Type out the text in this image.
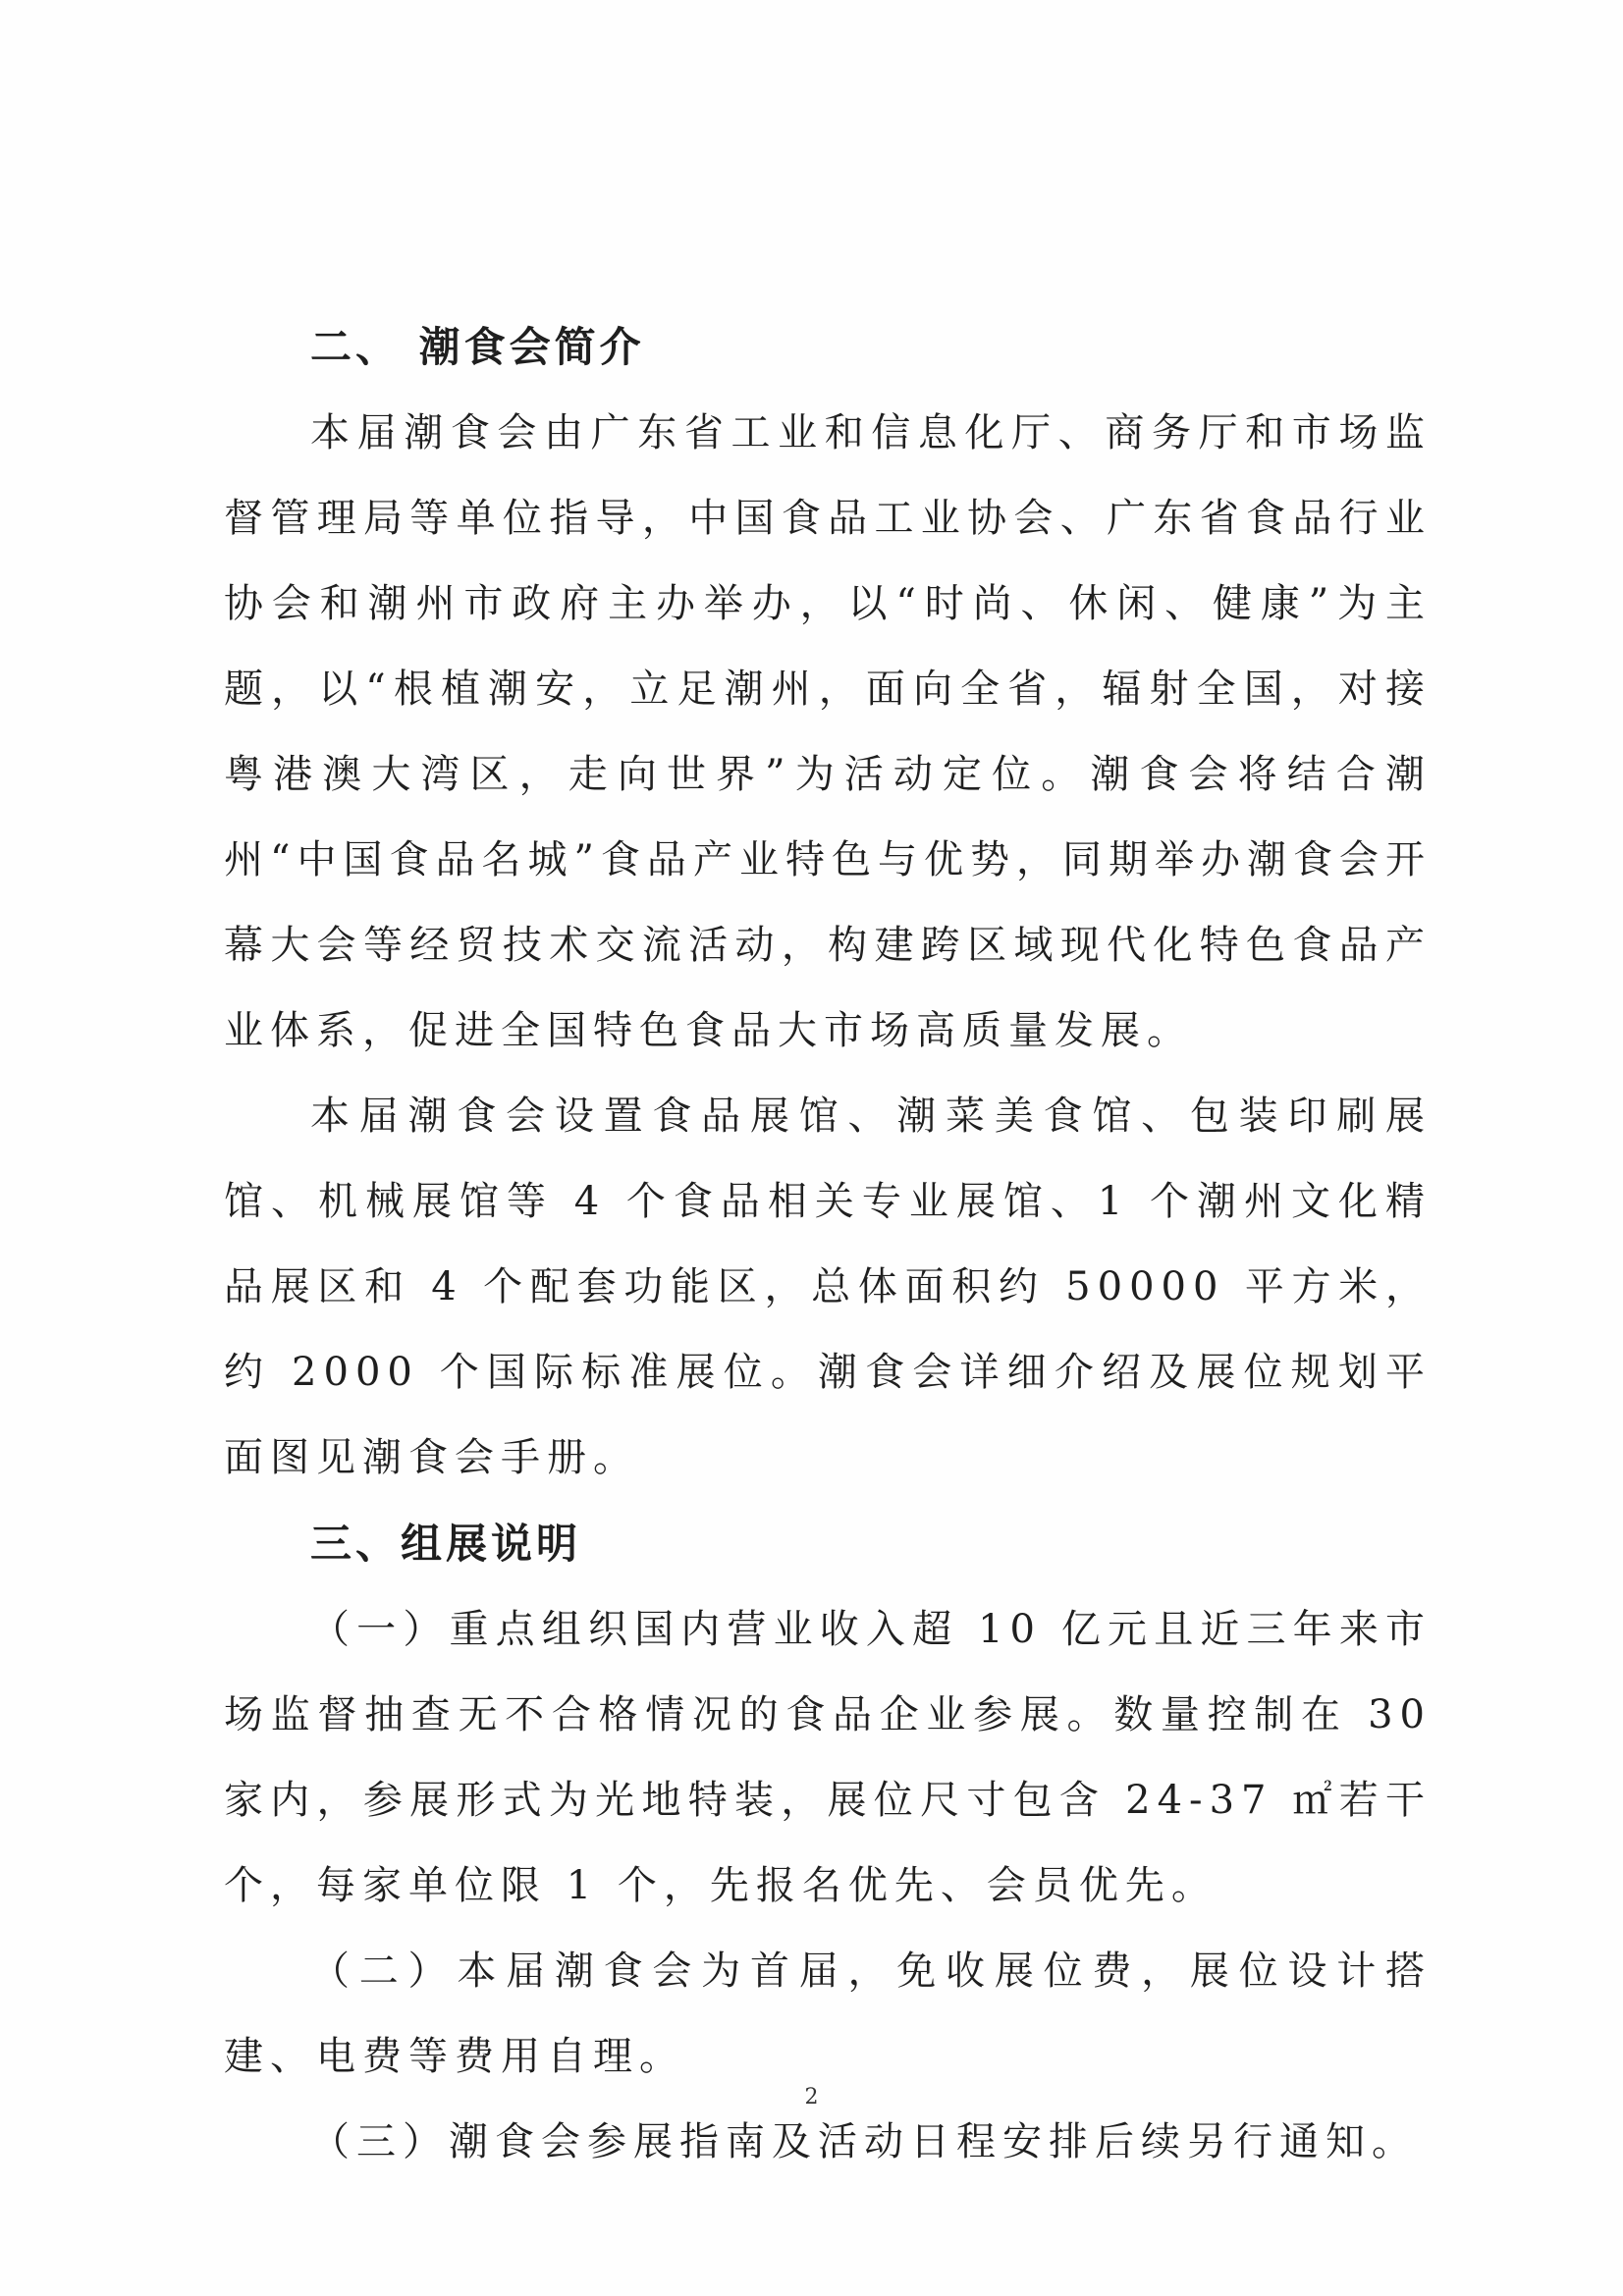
二、 潮食会简介

本届潮食会由广东省工业和信息化厅、商务厅和市场监督管理局等单位指导，中国食品工业协会、广东省食品行业协会和潮州市政府主办举办，以“时尚、休闲、健康”为主题，以“根植潮安，立足潮州，面向全省，辐射全国，对接粤港澳大湾区，走向世界”为活动定位。潮食会将结合潮州“中国食品名城”食品产业特色与优势，同期举办潮食会开幕大会等经贸技术交流活动，构建跨区域现代化特色食品产业体系，促进全国特色食品大市场高质量发展。

本届潮食会设置食品展馆、潮菜美食馆、包装印刷展馆、机械展馆等 4 个食品相关专业展馆、1 个潮州文化精品展区和 4 个配套功能区，总体面积约 50000 平方米，约 2000 个国际标准展位。潮食会详细介绍及展位规划平面图见潮食会手册。

三、组展说明

（一）重点组织国内营业收入超 10 亿元且近三年来市场监督抽查无不合格情况的食品企业参展。数量控制在 30 家内，参展形式为光地特装，展位尺寸包含 24-37 ㎡若干个，每家单位限 1 个，先报名优先、会员优先。

（二）本届潮食会为首届，免收展位费，展位设计搭建、电费等费用自理。

（三）潮食会参展指南及活动日程安排后续另行通知。

2
